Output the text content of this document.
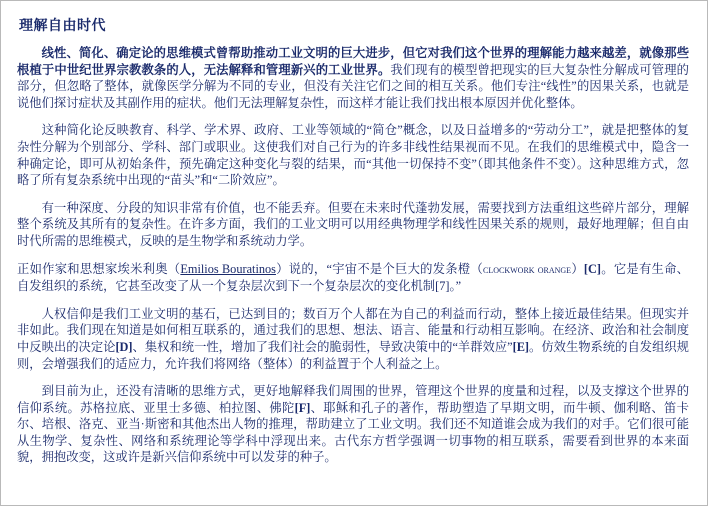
理解自由时代

线性、简化、确定论的思维模式曾帮助推动工业文明的巨大进步，但它对我们这个世界的理解能力越来越差，就像那些根植于中世纪世界宗教教条的人，无法解释和管理新兴的工业世界。我们现有的模型曾把现实的巨大复杂性分解成可管理的部分，但忽略了整体，就像医学分解为不同的专业，但没有关注它们之间的相互关系。他们专注“线性”的因果关系，也就是说他们探讨症状及其副作用的症状。他们无法理解复杂性，而这样才能让我们找出根本原因并优化整体。

这种简化论反映教育、科学、学术界、政府、工业等领域的“简仓”概念，以及日益增多的“劳动分工”，就是把整体的复杂性分解为个别部分、学科、部门或职业。这使我们对自己行为的许多非线性结果视而不见。在我们的思维模式中，隐含一种确定论，即可从初始条件，预先确定这种变化与裂的结果，而“其他一切保持不变”（即其他条件不变）。这种思维方式，忽略了所有复杂系统中出现的“苗头”和“二阶效应”。

有一种深度、分段的知识非常有价值，也不能丢弃。但要在未来时代蓬勃发展，需要找到方法重组这些碎片部分，理解整个系统及其所有的复杂性。在许多方面，我们的工业文明可以用经典物理学和线性因果关系的规则，最好地理解；但自由时代所需的思维模式，反映的是生物学和系统动力学。

正如作家和思想家埃米利奥（Emilios Bouratinos）说的，“宇宙不是个巨大的发条橙（clockwork orange）[C]。它是有生命、自发组织的系统，它甚至改变了从一个复杂层次到下一个复杂层次的变化机制[7]。”

人权信仰是我们工业文明的基石，已达到目的；数百万个人都在为自己的利益而行动，整体上接近最佳结果。但现实并非如此。我们现在知道是如何相互联系的，通过我们的思想、想法、语言、能量和行动相互影响。在经济、政治和社会制度中反映出的决定论[D]、集权和统一性，增加了我们社会的脆弱性，导致决策中的“羊群效应”[E]。仿效生物系统的自发组织规则，会增强我们的适应力，允许我们将网络（整体）的利益置于个人利益之上。

到目前为止，还没有清晰的思维方式，更好地解释我们周围的世界，管理这个世界的度量和过程，以及支撑这个世界的信仰系统。苏格拉底、亚里士多德、柏拉图、佛陀[F]、耶稣和孔子的著作，帮助塑造了早期文明，而牛顿、伽利略、笛卡尔、培根、洛克、亚当·斯密和其他杰出人物的推理，帮助建立了工业文明。我们还不知道谁会成为我们的对手。它们很可能从生物学、复杂性、网络和系统理论等学科中浮现出来。古代东方哲学强调一切事物的相互联系，需要看到世界的本来面貌，拥抱改变，这或许是新兴信仰系统中可以发芽的种子。
